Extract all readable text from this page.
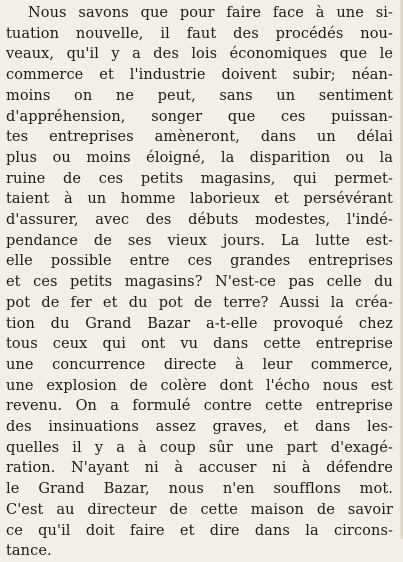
Nous savons que pour faire face à une si-
tuation nouvelle, il faut des procédés nou-
veaux, qu'il y a des lois économiques que le
commerce et l'industrie doivent subir; néan-
moins on ne peut, sans un sentiment
d'appréhension, songer que ces puissan-
tes entreprises amèneront, dans un délai
plus ou moins éloigné, la disparition ou la
ruine de ces petits magasins, qui permet-
taient à un homme laborieux et persévérant
d'assurer, avec des débuts modestes, l'indé-
pendance de ses vieux jours. La lutte est-
elle possible entre ces grandes entreprises
et ces petits magasins? N'est-ce pas celle du
pot de fer et du pot de terre? Aussi la créa-
tion du Grand Bazar a-t-elle provoqué chez
tous ceux qui ont vu dans cette entreprise
une concurrence directe à leur commerce,
une explosion de colère dont l'écho nous est
revenu. On a formulé contre cette entreprise
des insinuations assez graves, et dans les-
quelles il y a à coup sûr une part d'exagé-
ration. N'ayant ni à accuser ni à défendre
le Grand Bazar, nous n'en soufflons mot.
C'est au directeur de cette maison de savoir
ce qu'il doit faire et dire dans la circons-
tance.
